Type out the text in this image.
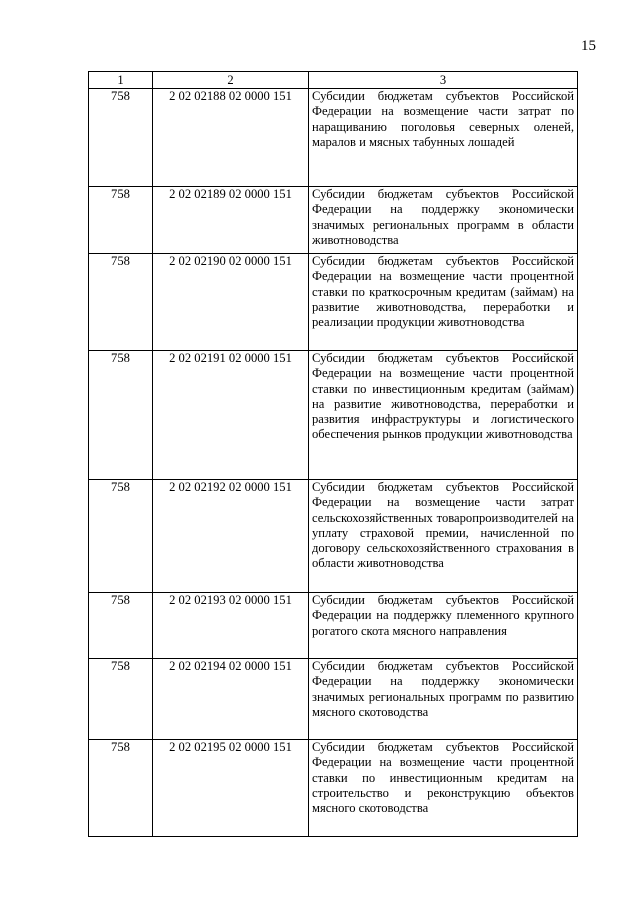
15
1	2	3
758	2 02 02188 02 0000 151	Субсидии бюджетам субъектов Российской Федерации на возмещение части затрат по наращиванию поголовья северных оленей, маралов и мясных табунных лошадей

758	2 02 02189 02 0000 151	Субсидии бюджетам субъектов Российской Федерации на поддержку экономически значимых региональных программ в области животноводства

758	2 02 02190 02 0000 151	Субсидии бюджетам субъектов Российской Федерации на возмещение части процентной ставки по краткосрочным кредитам (займам) на развитие животноводства, переработки и реализации продукции животноводства

758	2 02 02191 02 0000 151	Субсидии бюджетам субъектов Российской Федерации на возмещение части процентной ставки по инвестиционным кредитам (займам) на развитие животноводства, переработки и развития инфраструктуры и логистического обеспечения рынков продукции животноводства

758	2 02 02192 02 0000 151	Субсидии бюджетам субъектов Российской Федерации на возмещение части затрат сельскохозяйственных товаропроизводителей на уплату страховой премии, начисленной по договору сельскохозяйственного страхования в области животноводства

758	2 02 02193 02 0000 151	Субсидии бюджетам субъектов Российской Федерации на поддержку племенного крупного рогатого скота мясного направления

758	2 02 02194 02 0000 151	Субсидии бюджетам субъектов Российской Федерации на поддержку экономически значимых региональных программ по развитию мясного скотоводства

758	2 02 02195 02 0000 151	Субсидии бюджетам субъектов Российской Федерации на возмещение части процентной ставки по инвестиционным кредитам на строительство и реконструкцию объектов мясного скотоводства
